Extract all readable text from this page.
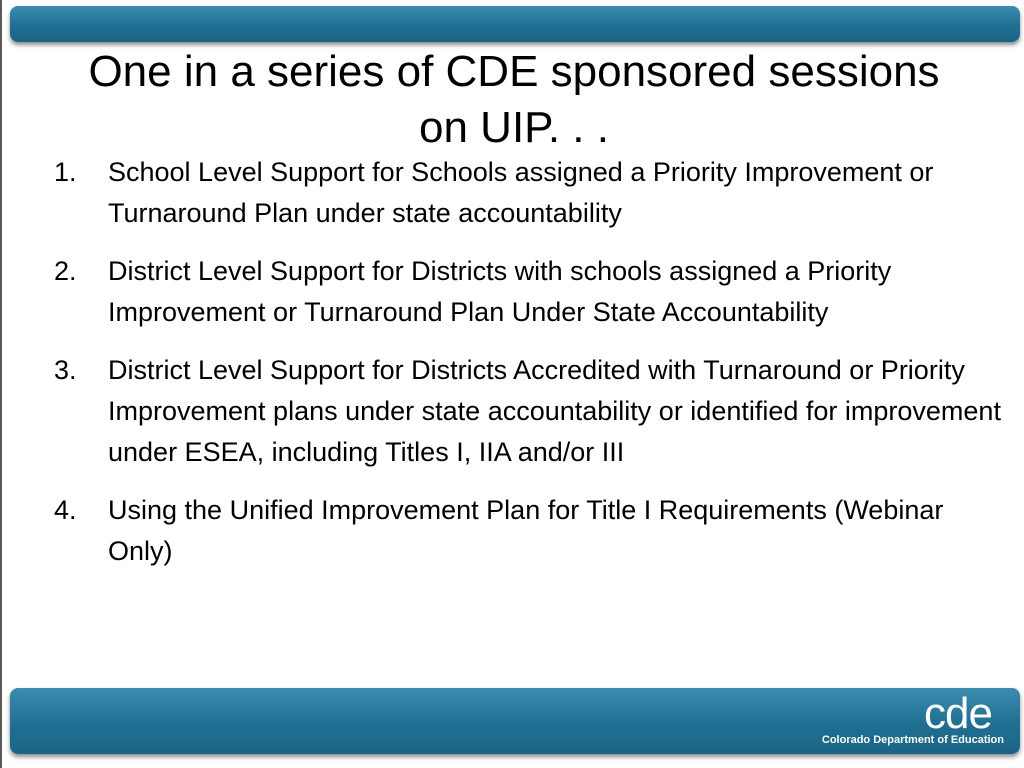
One in a series of CDE sponsored sessions on UIP. . .
1. School Level Support for Schools assigned a Priority Improvement or Turnaround Plan under state accountability
2. District Level Support for Districts with schools assigned a Priority Improvement or Turnaround Plan Under State Accountability
3. District Level Support for Districts Accredited with Turnaround or Priority Improvement plans under state accountability or identified for improvement under ESEA, including Titles I, IIA and/or III
4. Using the Unified Improvement Plan for Title I Requirements (Webinar Only)
cde
Colorado Department of Education
